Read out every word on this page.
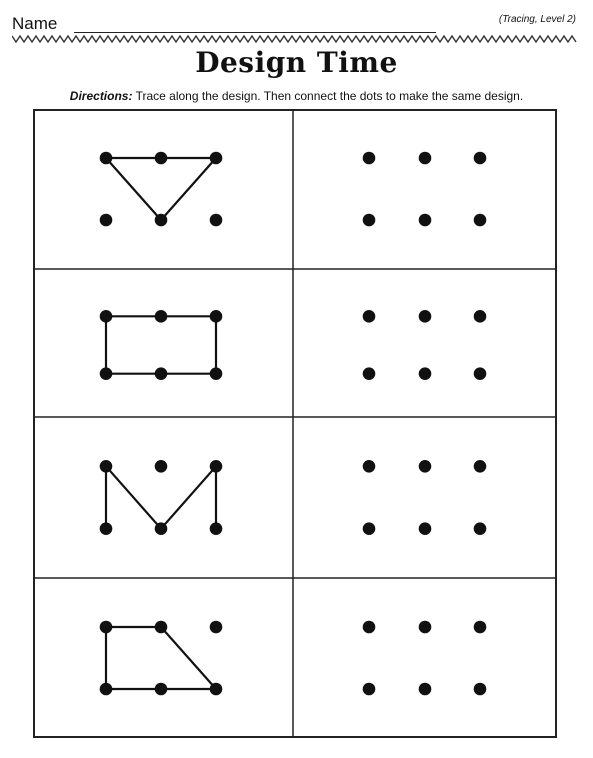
Name	(Tracing, Level 2)
Design Time
Directions: Trace along the design. Then connect the dots to make the same design.
